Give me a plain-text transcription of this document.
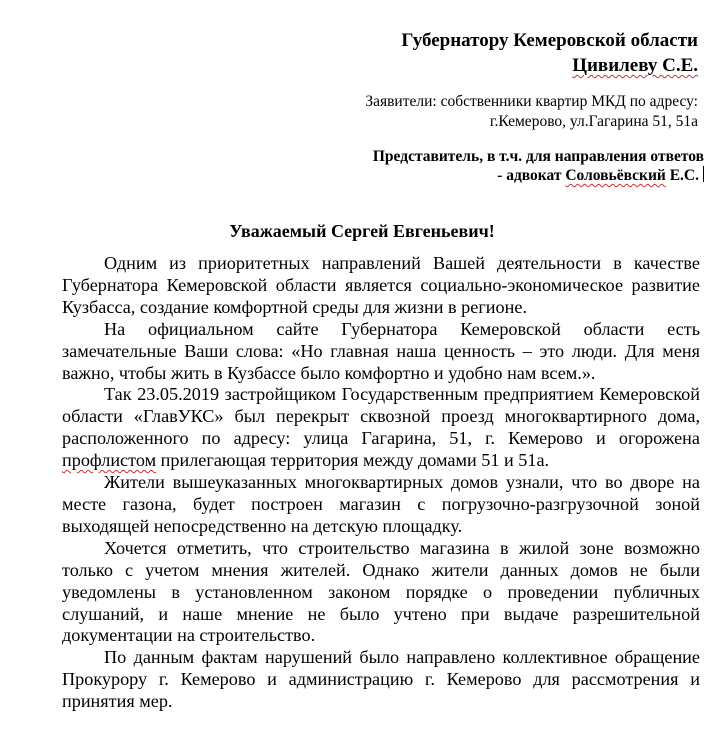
Губернатору Кемеровской области
Цивилеву С.Е.
Заявители: собственники квартир МКД по адресу:
г.Кемерово, ул.Гагарина 51, 51а
Представитель, в т.ч. для направления ответов
- адвокат Соловьёвский Е.С.
Уважаемый Сергей Евгеньевич!

Одним из приоритетных направлений Вашей деятельности в качестве Губернатора Кемеровской области является социально-экономическое развитие Кузбасса, создание комфортной среды для жизни в регионе.

На официальном сайте Губернатора Кемеровской области есть замечательные Ваши слова: «Но главная наша ценность – это люди. Для меня важно, чтобы жить в Кузбассе было комфортно и удобно нам всем.».

Так 23.05.2019 застройщиком Государственным предприятием Кемеровской области «ГлавУКС» был перекрыт сквозной проезд многоквартирного дома, расположенного по адресу: улица Гагарина, 51, г. Кемерово и огорожена профлистом прилегающая территория между домами 51 и 51а.

Жители вышеуказанных многоквартирных домов узнали, что во дворе на месте газона, будет построен магазин с погрузочно-разгрузочной зоной выходящей непосредственно на детскую площадку.

Хочется отметить, что строительство магазина в жилой зоне возможно только с учетом мнения жителей. Однако жители данных домов не были уведомлены в установленном законом порядке о проведении публичных слушаний, и наше мнение не было учтено при выдаче разрешительной документации на строительство.

По данным фактам нарушений было направлено коллективное обращение Прокурору г. Кемерово и администрацию г. Кемерово для рассмотрения и принятия мер.
